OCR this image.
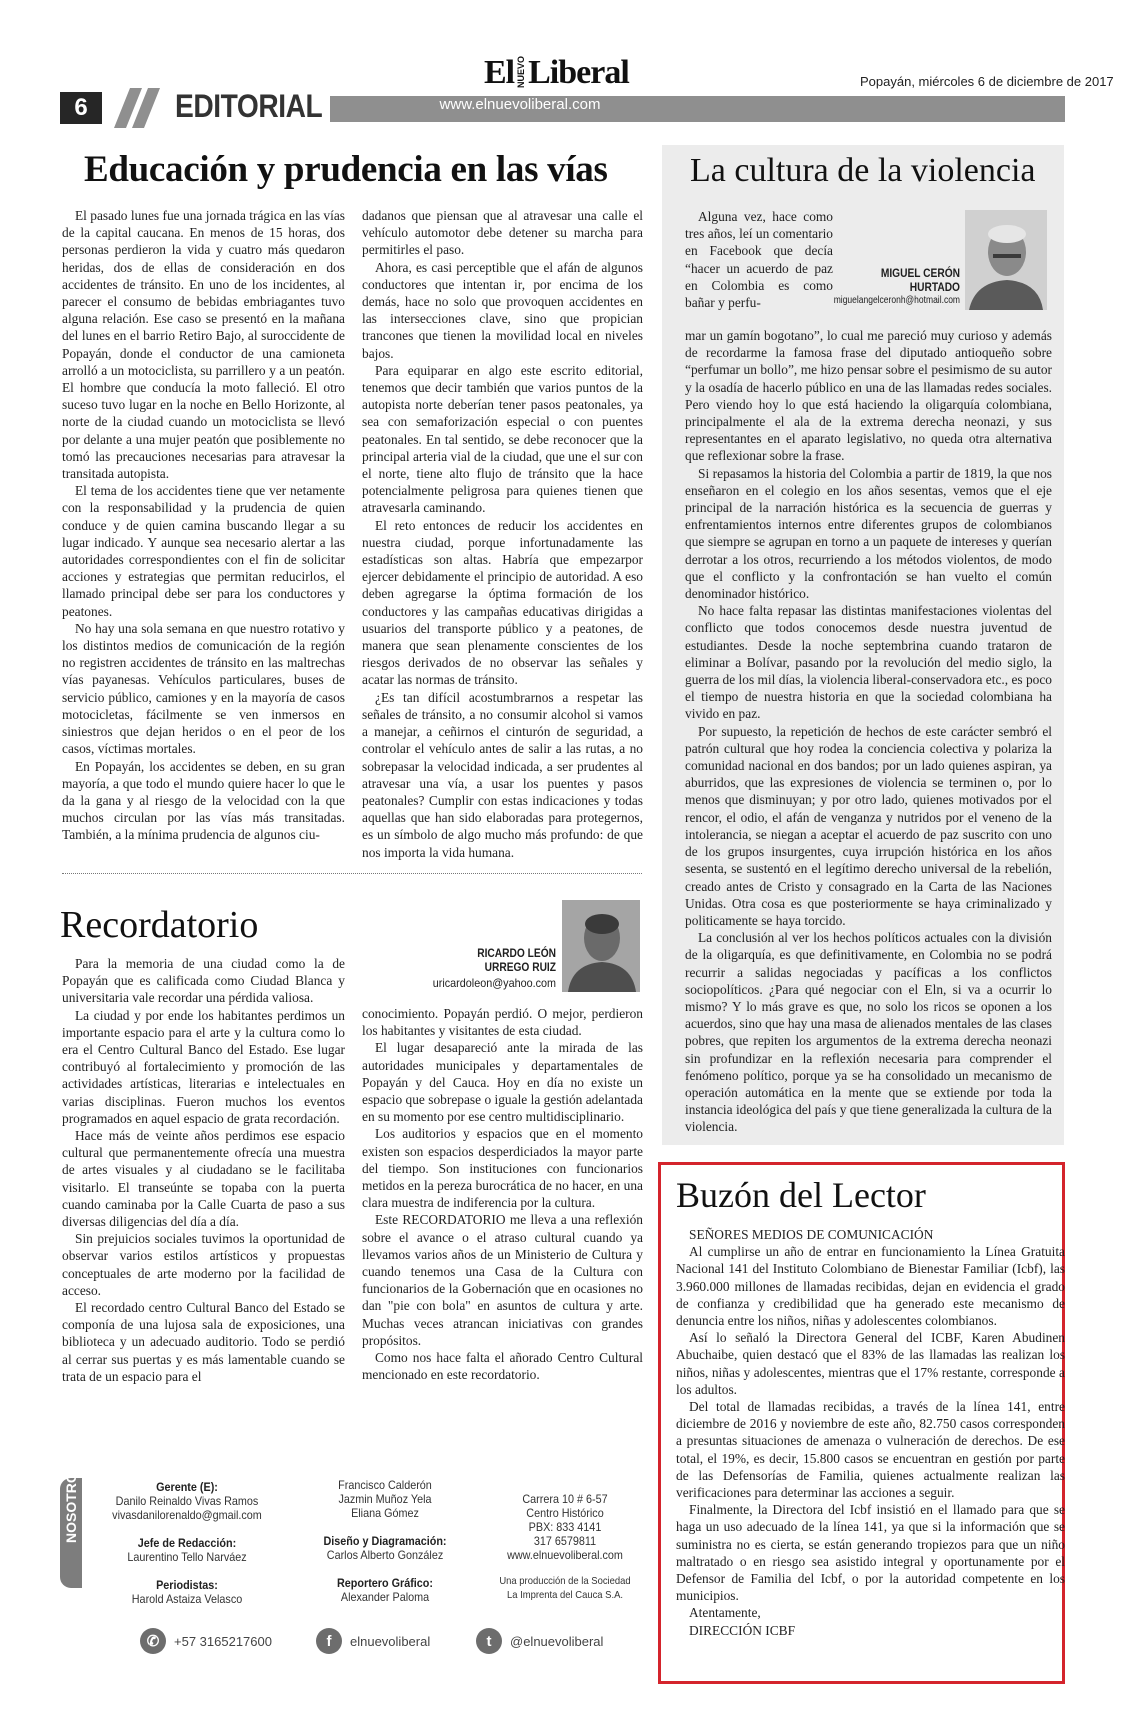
6	EDITORIAL	www.elnuevoliberal.com
El NUEVO Liberal	Popayán, miércoles 6 de diciembre de 2017
Educación y prudencia en las vías

El pasado lunes fue una jornada trágica en las vías de la capital caucana. En menos de 15 horas, dos personas perdieron la vida y cuatro más quedaron heridas, dos de ellas de consideración en dos accidentes de tránsito. En uno de los incidentes, al parecer el consumo de bebidas embriagantes tuvo alguna relación. Ese caso se presentó en la mañana del lunes en el barrio Retiro Bajo, al suroccidente de Popayán, donde el conductor de una camioneta arrolló a un motociclista, su parrillero y a un peatón. El hombre que conducía la moto falleció. El otro suceso tuvo lugar en la noche en Bello Horizonte, al norte de la ciudad cuando un motociclista se llevó por delante a una mujer peatón que posiblemente no tomó las precauciones necesarias para atravesar la transitada autopista.

El tema de los accidentes tiene que ver netamente con la responsabilidad y la prudencia de quien conduce y de quien camina buscando llegar a su lugar indicado. Y aunque sea necesario alertar a las autoridades correspondientes con el fin de solicitar acciones y estrategias que permitan reducirlos, el llamado principal debe ser para los conductores y peatones.

No hay una sola semana en que nuestro rotativo y los distintos medios de comunicación de la región no registren accidentes de tránsito en las maltrechas vías payanesas. Vehículos particulares, buses de servicio público, camiones y en la mayoría de casos motocicletas, fácilmente se ven inmersos en siniestros que dejan heridos o en el peor de los casos, víctimas mortales.

En Popayán, los accidentes se deben, en su gran mayoría, a que todo el mundo quiere hacer lo que le da la gana y al riesgo de la velocidad con la que muchos circulan por las vías más transitadas. También, a la mínima prudencia de algunos ciu-

dadanos que piensan que al atravesar una calle el vehículo automotor debe detener su marcha para permitirles el paso.

Ahora, es casi perceptible que el afán de algunos conductores que intentan ir, por encima de los demás, hace no solo que provoquen accidentes en las intersecciones clave, sino que propician trancones que tienen la movilidad local en niveles bajos.

Para equiparar en algo este escrito editorial, tenemos que decir también que varios puntos de la autopista norte deberían tener pasos peatonales, ya sea con semaforización especial o con puentes peatonales. En tal sentido, se debe reconocer que la principal arteria vial de la ciudad, que une el sur con el norte, tiene alto flujo de tránsito que la hace potencialmente peligrosa para quienes tienen que atravesarla caminando.

El reto entonces de reducir los accidentes en nuestra ciudad, porque infortunadamente las estadísticas son altas. Habría que empezarpor ejercer debidamente el principio de autoridad. A eso deben agregarse la óptima formación de los conductores y las campañas educativas dirigidas a usuarios del transporte público y a peatones, de manera que sean plenamente conscientes de los riesgos derivados de no observar las señales y acatar las normas de tránsito.

¿Es tan difícil acostumbrarnos a respetar las señales de tránsito, a no consumir alcohol si vamos a manejar, a ceñirnos el cinturón de seguridad, a controlar el vehículo antes de salir a las rutas, a no sobrepasar la velocidad indicada, a ser prudentes al atravesar una vía, a usar los puentes y pasos peatonales? Cumplir con estas indicaciones y todas aquellas que han sido elaboradas para protegernos, es un símbolo de algo mucho más profundo: de que nos importa la vida humana.

Recordatorio
RICARDO LEÓN
URREGO RUIZ
uricardoleon@yahoo.com

Para la memoria de una ciudad como la de Popayán que es calificada como Ciudad Blanca y universitaria vale recordar una pérdida valiosa.

La ciudad y por ende los habitantes perdimos un importante espacio para el arte y la cultura como lo era el Centro Cultural Banco del Estado. Ese lugar contribuyó al fortalecimiento y promoción de las actividades artísticas, literarias e intelectuales en varias disciplinas. Fueron muchos los eventos programados en aquel espacio de grata recordación.

Hace más de veinte años perdimos ese espacio cultural que permanentemente ofrecía una muestra de artes visuales y al ciudadano se le facilitaba visitarlo. El transeúnte se topaba con la puerta cuando caminaba por la Calle Cuarta de paso a sus diversas diligencias del día a día.

Sin prejuicios sociales tuvimos la oportunidad de observar varios estilos artísticos y propuestas conceptuales de arte moderno por la facilidad de acceso.

El recordado centro Cultural Banco del Estado se componía de una lujosa sala de exposiciones, una biblioteca y un adecuado auditorio. Todo se perdió al cerrar sus puertas y es más lamentable cuando se trata de un espacio para el

conocimiento. Popayán perdió. O mejor, perdieron los habitantes y visitantes de esta ciudad.

El lugar desapareció ante la mirada de las autoridades municipales y departamentales de Popayán y del Cauca. Hoy en día no existe un espacio que sobrepase o iguale la gestión adelantada en su momento por ese centro multidisciplinario.

Los auditorios y espacios que en el momento existen son espacios desperdiciados la mayor parte del tiempo. Son instituciones con funcionarios metidos en la pereza burocrática de no hacer, en una clara muestra de indiferencia por la cultura.

Este RECORDATORIO me lleva a una reflexión sobre el avance o el atraso cultural cuando ya llevamos varios años de un Ministerio de Cultura y cuando tenemos una Casa de la Cultura con funcionarios de la Gobernación que en ocasiones no dan "pie con bola" en asuntos de cultura y arte. Muchas veces atrancan iniciativas con grandes propósitos.

Como nos hace falta el añorado Centro Cultural mencionado en este recordatorio.

La cultura de la violencia
MIGUEL CERÓN
HURTADO
miguelangelceronh@hotmail.com

Alguna vez, hace como tres años, leí un comentario en Facebook que decía “hacer un acuerdo de paz en Colombia es como bañar y perfu-

mar un gamín bogotano”, lo cual me pareció muy curioso y además de recordarme la famosa frase del diputado antioqueño sobre “perfumar un bollo”, me hizo pensar sobre el pesimismo de su autor y la osadía de hacerlo público en una de las llamadas redes sociales. Pero viendo hoy lo que está haciendo la oligarquía colombiana, principalmente el ala de la extrema derecha neonazi, y sus representantes en el aparato legislativo, no queda otra alternativa que reflexionar sobre la frase.

Si repasamos la historia del Colombia a partir de 1819, la que nos enseñaron en el colegio en los años sesentas, vemos que el eje principal de la narración histórica es la secuencia de guerras y enfrentamientos internos entre diferentes grupos de colombianos que siempre se agrupan en torno a un paquete de intereses y querían derrotar a los otros, recurriendo a los métodos violentos, de modo que el conflicto y la confrontación se han vuelto el común denominador histórico.

No hace falta repasar las distintas manifestaciones violentas del conflicto que todos conocemos desde nuestra juventud de estudiantes. Desde la noche septembrina cuando trataron de eliminar a Bolívar, pasando por la revolución del medio siglo, la guerra de los mil días, la violencia liberal-conservadora etc., es poco el tiempo de nuestra historia en que la sociedad colombiana ha vivido en paz.

Por supuesto, la repetición de hechos de este carácter sembró el patrón cultural que hoy rodea la conciencia colectiva y polariza la comunidad nacional en dos bandos; por un lado quienes aspiran, ya aburridos, que las expresiones de violencia se terminen o, por lo menos que disminuyan; y por otro lado, quienes motivados por el rencor, el odio, el afán de venganza y nutridos por el veneno de la intolerancia, se niegan a aceptar el acuerdo de paz suscrito con uno de los grupos insurgentes, cuya irrupción histórica en los años sesenta, se sustentó en el legítimo derecho universal de la rebelión, creado antes de Cristo y consagrado en la Carta de las Naciones Unidas. Otra cosa es que posteriormente se haya criminalizado y politicamente se haya torcido.

La conclusión al ver los hechos políticos actuales con la división de la oligarquía, es que definitivamente, en Colombia no se podrá recurrir a salidas negociadas y pacíficas a los conflictos sociopolíticos. ¿Para qué negociar con el Eln, si va a ocurrir lo mismo? Y lo más grave es que, no solo los ricos se oponen a los acuerdos, sino que hay una masa de alienados mentales de las clases pobres, que repiten los argumentos de la extrema derecha neonazi sin profundizar en la reflexión necesaria para comprender el fenómeno político, porque ya se ha consolidado un mecanismo de operación automática en la mente que se extiende por toda la instancia ideológica del país y que tiene generalizada la cultura de la violencia.

Buzón del Lector

SEÑORES MEDIOS DE COMUNICACIÓN

Al cumplirse un año de entrar en funcionamiento la Línea Gratuita Nacional 141 del Instituto Colombiano de Bienestar Familiar (Icbf), las 3.960.000 millones de llamadas recibidas, dejan en evidencia el grado de confianza y credibilidad que ha generado este mecanismo de denuncia entre los niños, niñas y adolescentes colombianos.

Así lo señaló la Directora General del ICBF, Karen Abudinen Abuchaibe, quien destacó que el 83% de las llamadas las realizan los niños, niñas y adolescentes, mientras que el 17% restante, corresponde a los adultos.

Del total de llamadas recibidas, a través de la línea 141, entre diciembre de 2016 y noviembre de este año, 82.750 casos corresponden a presuntas situaciones de amenaza o vulneración de derechos. De ese total, el 19%, es decir, 15.800 casos se encuentran en gestión por parte de las Defensorías de Familia, quienes actualmente realizan las verificaciones para determinar las acciones a seguir.

Finalmente, la Directora del Icbf insistió en el llamado para que se haga un uso adecuado de la línea 141, ya que si la información que se suministra no es cierta, se están generando tropiezos para que un niño maltratado o en riesgo sea asistido integral y oportunamente por el Defensor de Familia del Icbf, o por la autoridad competente en los municipios.

Atentamente,

DIRECCIÓN ICBF

NOSOTROS	Gerente (E):
Danilo Reinaldo Vivas Ramos
vivasdanilorenaldo@gmail.com
Jefe de Redacción:
Laurentino Tello Narváez
Periodistas:
Harold Astaiza Velasco
Francisco Calderón
Jazmin Muñoz Yela
Eliana Gómez
Diseño y Diagramación:
Carlos Alberto González
Reportero Gráfico:
Alexander Paloma
Carrera 10 # 6-57
Centro Histórico
PBX: 833 4141
317 6579811
www.elnuevoliberal.com
Una producción de la Sociedad
La Imprenta del Cauca S.A.
✆	+57 3165217600	f	elnuevoliberal	t	@elnuevoliberal
